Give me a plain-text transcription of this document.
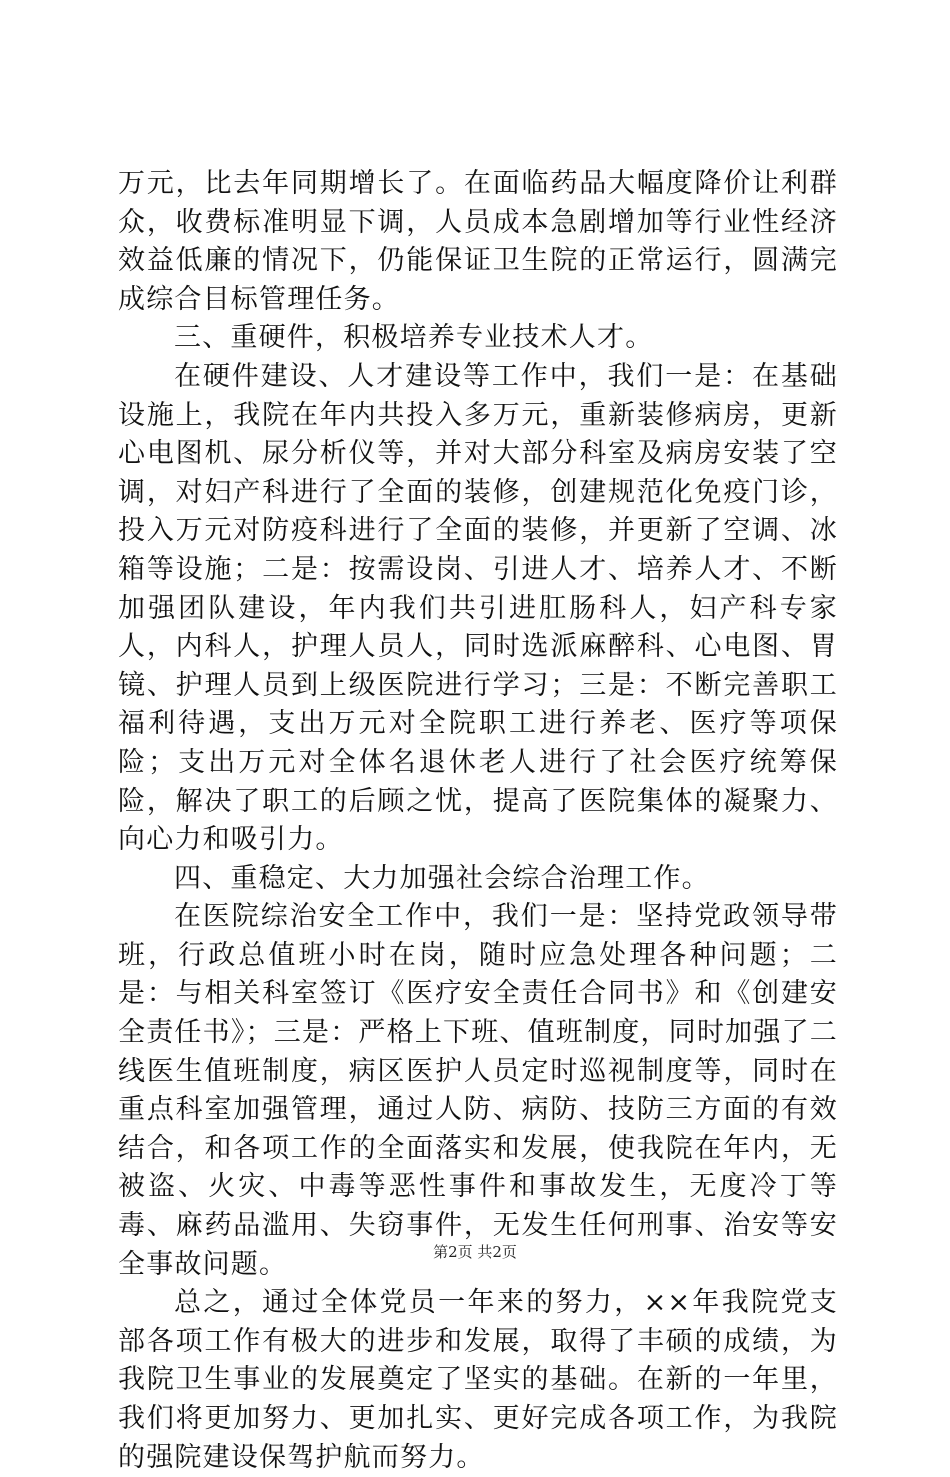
万元，比去年同期增长了。在面临药品大幅度降价让利群众，收费标准明显下调，人员成本急剧增加等行业性经济效益低廉的情况下，仍能保证卫生院的正常运行，圆满完成综合目标管理任务。

三、重硬件，积极培养专业技术人才。

在硬件建设、人才建设等工作中，我们一是：在基础设施上，我院在年内共投入多万元，重新装修病房，更新心电图机、尿分析仪等，并对大部分科室及病房安装了空调，对妇产科进行了全面的装修，创建规范化免疫门诊，投入万元对防疫科进行了全面的装修，并更新了空调、冰箱等设施；二是：按需设岗、引进人才、培养人才、不断加强团队建设，年内我们共引进肛肠科人，妇产科专家人，内科人，护理人员人，同时选派麻醉科、心电图、胃镜、护理人员到上级医院进行学习；三是：不断完善职工福利待遇，支出万元对全院职工进行养老、医疗等项保险；支出万元对全体名退休老人进行了社会医疗统筹保险，解决了职工的后顾之忧，提高了医院集体的凝聚力、向心力和吸引力。

四、重稳定、大力加强社会综合治理工作。

在医院综治安全工作中，我们一是：坚持党政领导带班，行政总值班小时在岗，随时应急处理各种问题；二是：与相关科室签订《医疗安全责任合同书》和《创建安全责任书》；三是：严格上下班、值班制度，同时加强了二线医生值班制度，病区医护人员定时巡视制度等，同时在重点科室加强管理，通过人防、病防、技防三方面的有效结合，和各项工作的全面落实和发展，使我院在年内，无被盗、火灾、中毒等恶性事件和事故发生，无度冷丁等毒、麻药品滥用、失窃事件，无发生任何刑事、治安等安全事故问题。

总之，通过全体党员一年来的努力，××年我院党支部各项工作有极大的进步和发展，取得了丰硕的成绩，为我院卫生事业的发展奠定了坚实的基础。在新的一年里，我们将更加努力、更加扎实、更好完成各项工作，为我院的强院建设保驾护航而努力。

第2页 共2页
